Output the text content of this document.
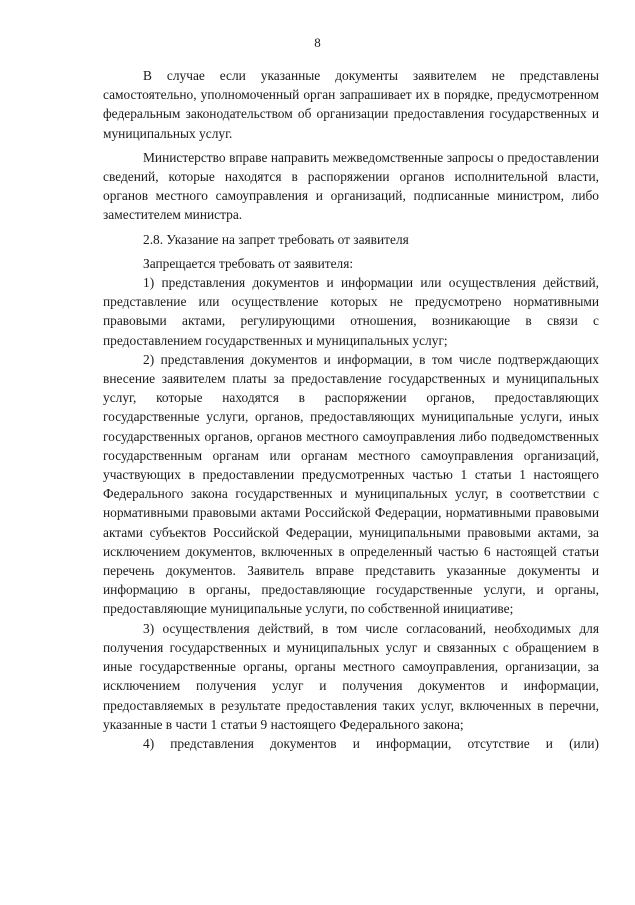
8

В случае если указанные документы заявителем не представлены самостоятельно, уполномоченный орган запрашивает их в порядке, предусмотренном федеральным законодательством об организации предоставления государственных и муниципальных услуг.

Министерство вправе направить межведомственные запросы о предоставлении сведений, которые находятся в распоряжении органов исполнительной власти, органов местного самоуправления и организаций, подписанные министром, либо заместителем министра.

2.8. Указание на запрет требовать от заявителя

Запрещается требовать от заявителя:

1) представления документов и информации или осуществления действий, представление или осуществление которых не предусмотрено нормативными правовыми актами, регулирующими отношения, возникающие в связи с предоставлением государственных и муниципальных услуг;

2) представления документов и информации, в том числе подтверждающих внесение заявителем платы за предоставление государственных и муниципальных услуг, которые находятся в распоряжении органов, предоставляющих государственные услуги, органов, предоставляющих муниципальные услуги, иных государственных органов, органов местного самоуправления либо подведомственных государственным органам или органам местного самоуправления организаций, участвующих в предоставлении предусмотренных частью 1 статьи 1 настоящего Федерального закона государственных и муниципальных услуг, в соответствии с нормативными правовыми актами Российской Федерации, нормативными правовыми актами субъектов Российской Федерации, муниципальными правовыми актами, за исключением документов, включенных в определенный частью 6 настоящей статьи перечень документов. Заявитель вправе представить указанные документы и информацию в органы, предоставляющие государственные услуги, и органы, предоставляющие муниципальные услуги, по собственной инициативе;

3) осуществления действий, в том числе согласований, необходимых для получения государственных и муниципальных услуг и связанных с обращением в иные государственные органы, органы местного самоуправления, организации, за исключением получения услуг и получения документов и информации, предоставляемых в результате предоставления таких услуг, включенных в перечни, указанные в части 1 статьи 9 настоящего Федерального закона;

4) представления документов и информации, отсутствие и (или)
